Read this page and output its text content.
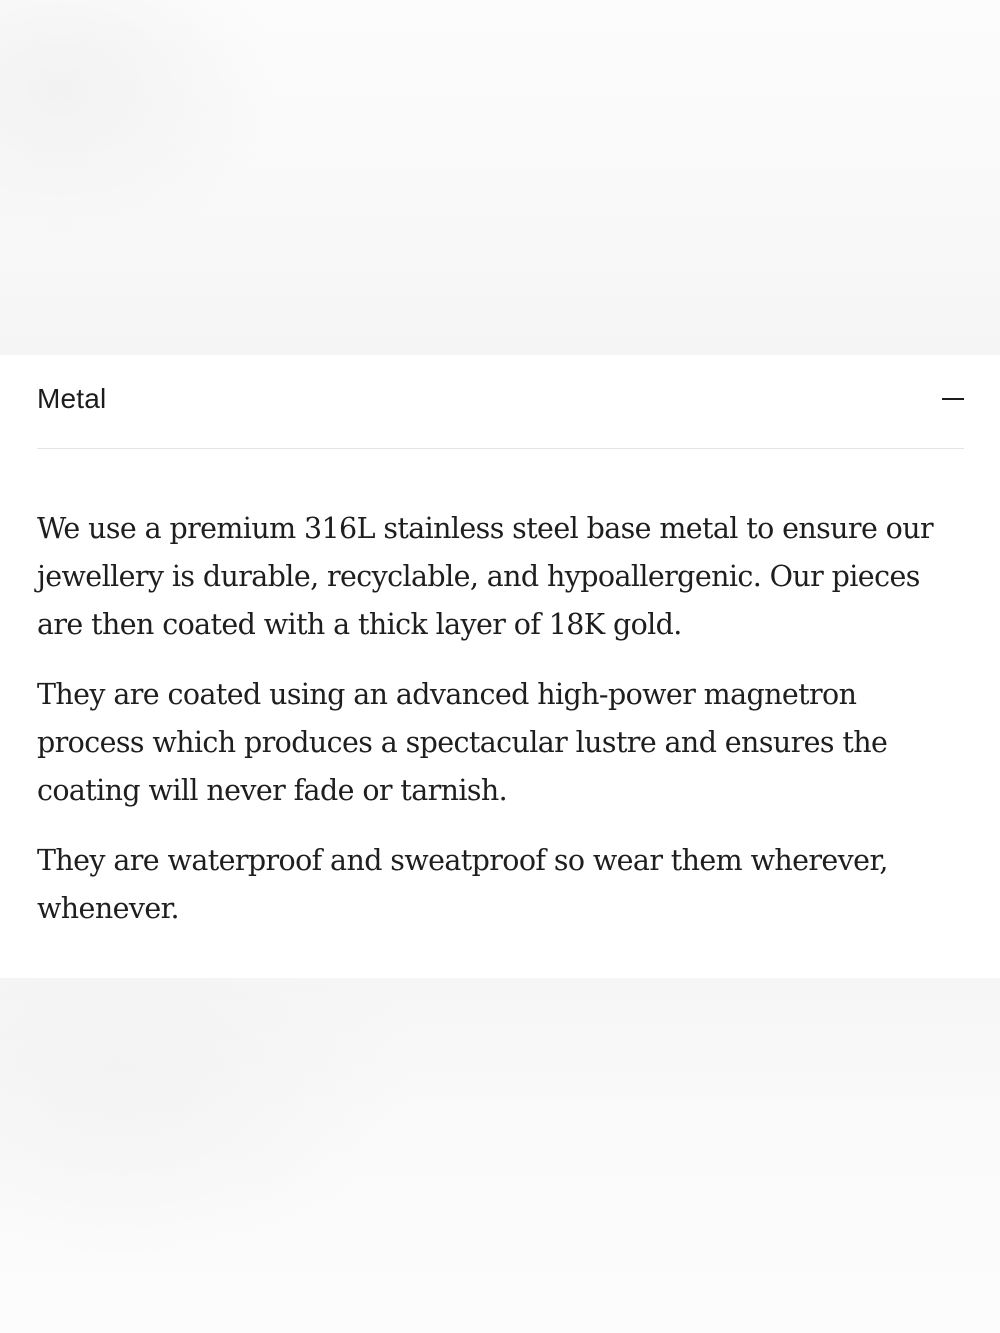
Metal

We use a premium 316L stainless steel base metal to ensure our jewellery is durable, recyclable, and hypoallergenic. Our pieces are then coated with a thick layer of 18K gold.

They are coated using an advanced high-power magnetron process which produces a spectacular lustre and ensures the coating will never fade or tarnish.

They are waterproof and sweatproof so wear them wherever, whenever.
